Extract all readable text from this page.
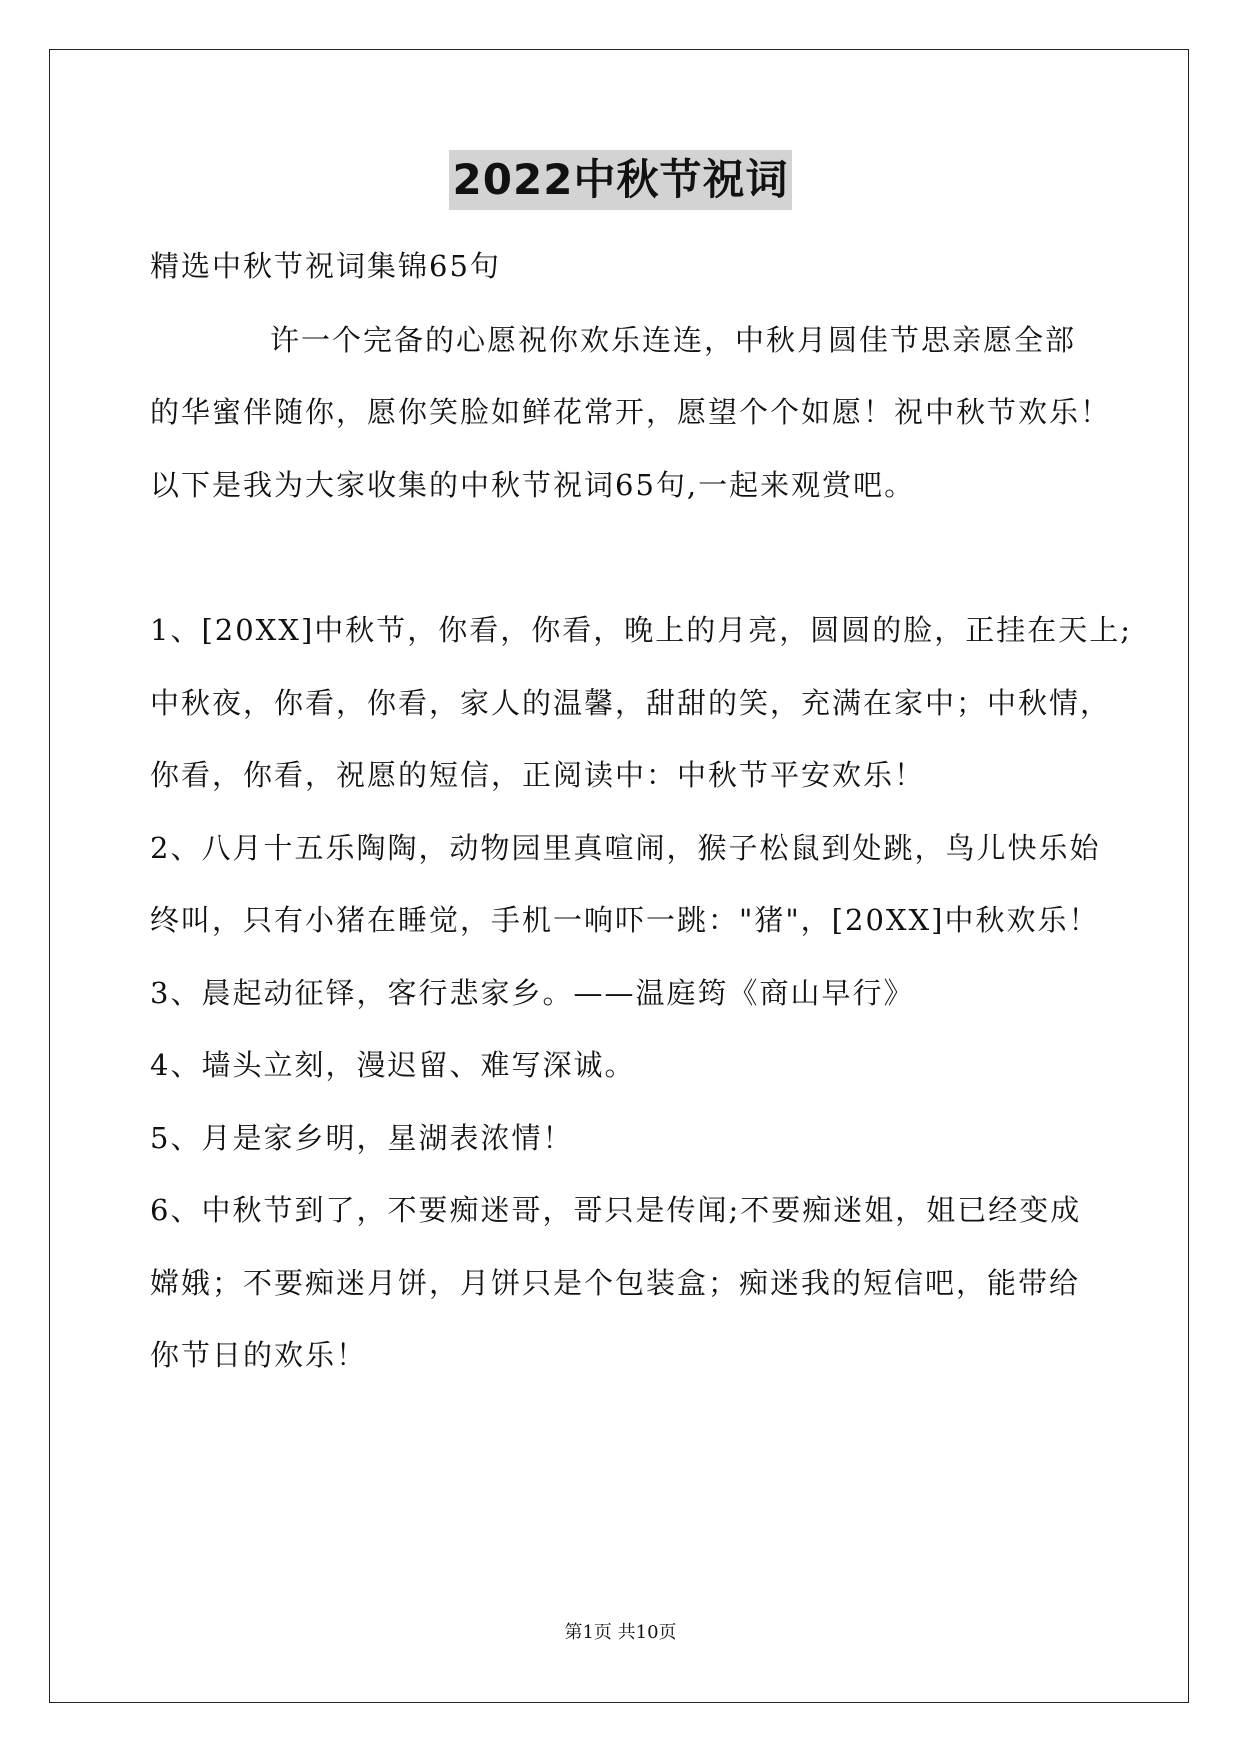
2022中秋节祝词
精选中秋节祝词集锦65句
许一个完备的心愿祝你欢乐连连，中秋月圆佳节思亲愿全部
的华蜜伴随你，愿你笑脸如鲜花常开，愿望个个如愿！祝中秋节欢乐！
以下是我为大家收集的中秋节祝词65句,一起来观赏吧。
1、[20XX]中秋节，你看，你看，晚上的月亮，圆圆的脸，正挂在天上;
中秋夜，你看，你看，家人的温馨，甜甜的笑，充满在家中；中秋情，
你看，你看，祝愿的短信，正阅读中：中秋节平安欢乐！
2、八月十五乐陶陶，动物园里真喧闹，猴子松鼠到处跳，鸟儿快乐始
终叫，只有小猪在睡觉，手机一响吓一跳："猪"，[20XX]中秋欢乐！
3、晨起动征铎，客行悲家乡。——温庭筠《商山早行》
4、墙头立刻，漫迟留、难写深诚。
5、月是家乡明，星湖表浓情！
6、中秋节到了，不要痴迷哥，哥只是传闻;不要痴迷姐，姐已经变成
嫦娥；不要痴迷月饼，月饼只是个包装盒；痴迷我的短信吧，能带给
你节日的欢乐！
第1页 共10页
